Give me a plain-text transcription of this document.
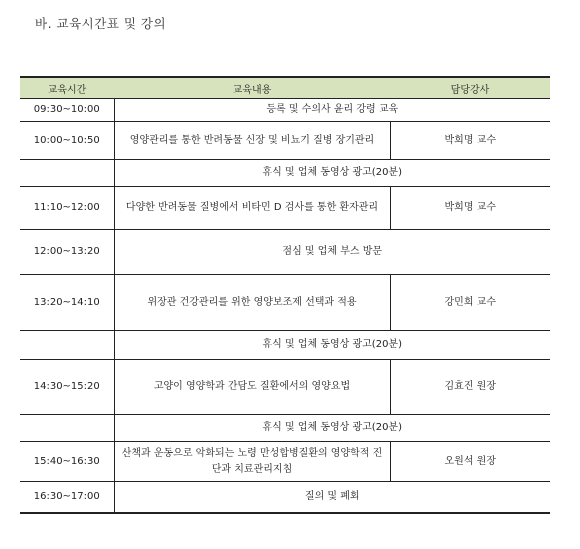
바. 교육시간표 및 강의
교육시간	교육내용	담당강사
09:30~10:00	등록 및 수의사 윤리 강령 교육	
10:00~10:50	영양관리를 통한 반려동물 신장 및 비뇨기 질병 장기관리	박희명 교수
	휴식 및 업체 동영상 광고(20분)	
11:10~12:00	다양한 반려동물 질병에서 비타민 D 검사를 통한 환자관리	박희명 교수
12:00~13:20	점심 및 업체 부스 방문	
13:20~14:10	위장관 건강관리를 위한 영양보조제 선택과 적용	강민희 교수
	휴식 및 업체 동영상 광고(20분)	
14:30~15:20	고양이 영양학과 간담도 질환에서의 영양요법	김효진 원장
	휴식 및 업체 동영상 광고(20분)	
15:40~16:30	산책과 운동으로 악화되는 노령 만성합병질환의 영양학적 진단과 치료관리지침	오원석 원장
16:30~17:00	질의 및 폐회	
